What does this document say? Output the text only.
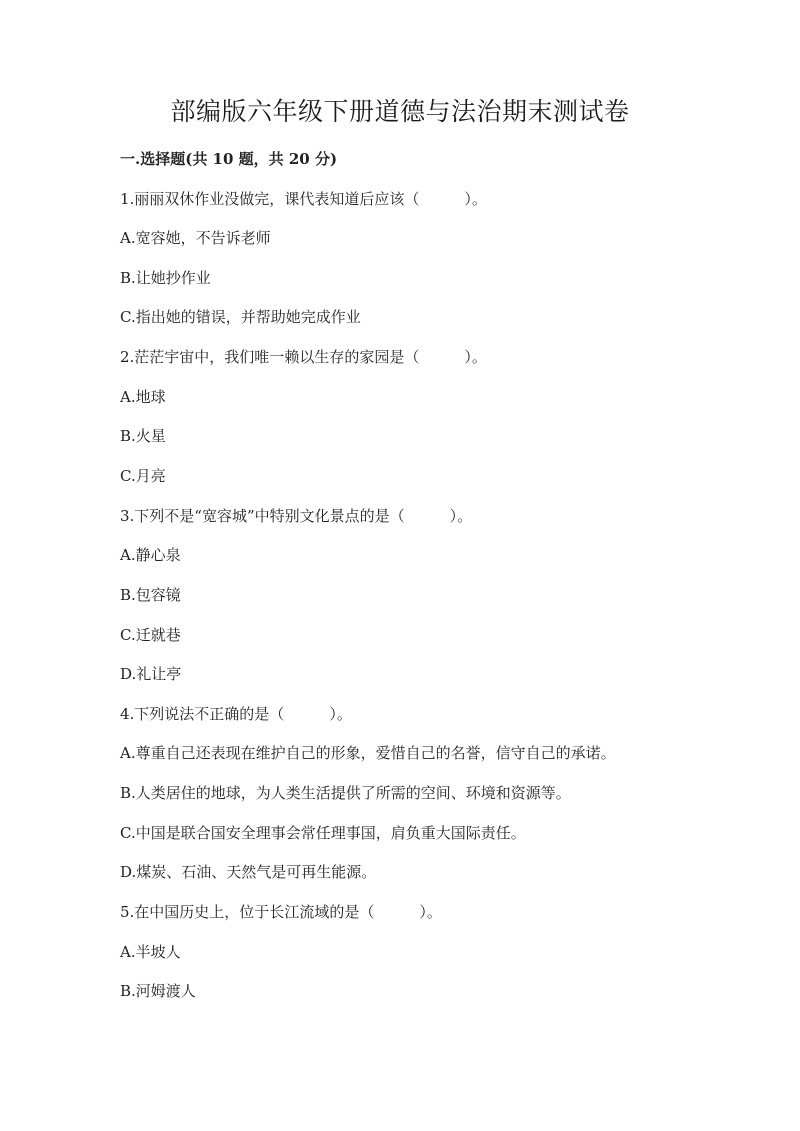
部编版六年级下册道德与法治期末测试卷
一.选择题(共 10 题，共 20 分)
1.丽丽双休作业没做完，课代表知道后应该（　　　）。
A.宽容她，不告诉老师
B.让她抄作业
C.指出她的错误，并帮助她完成作业
2.茫茫宇宙中，我们唯一赖以生存的家园是（　　　）。
A.地球
B.火星
C.月亮
3.下列不是“宽容城”中特别文化景点的是（　　　）。
A.静心泉
B.包容镜
C.迁就巷
D.礼让亭
4.下列说法不正确的是（　　　）。
A.尊重自己还表现在维护自己的形象，爱惜自己的名誉，信守自己的承诺。
B.人类居住的地球，为人类生活提供了所需的空间、环境和资源等。
C.中国是联合国安全理事会常任理事国，肩负重大国际责任。
D.煤炭、石油、天然气是可再生能源。
5.在中国历史上，位于长江流域的是（　　　）。
A.半坡人
B.河姆渡人
